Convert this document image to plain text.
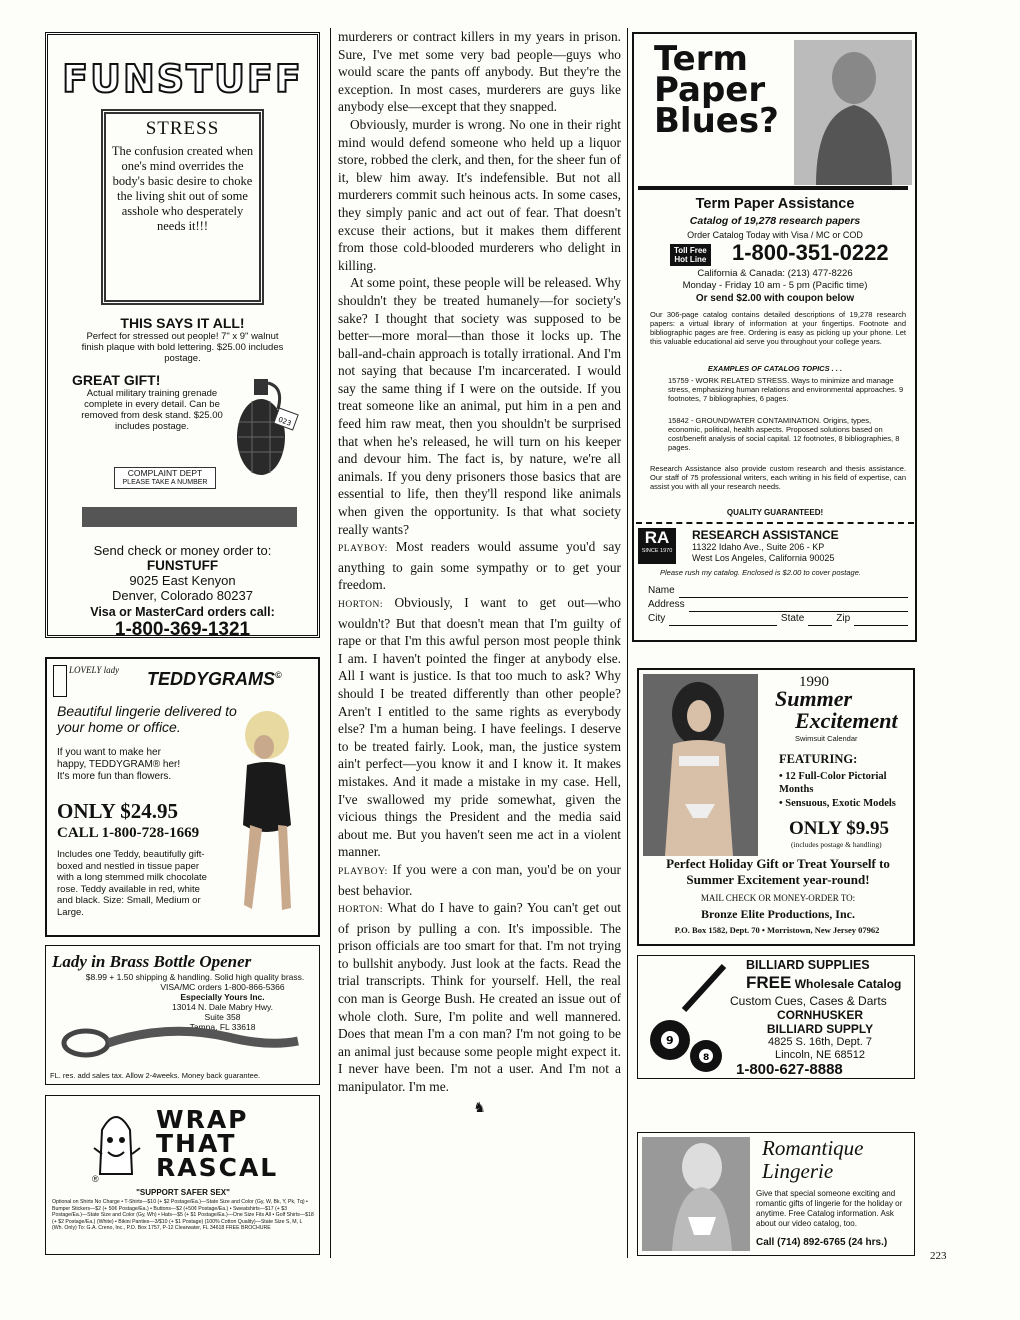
FUNSTUFF
STRESS
The confusion created when one's mind overrides the body's basic desire to choke the living shit out of some asshole who desperately needs it!!!
THIS SAYS IT ALL!
Perfect for stressed out people! 7" x 9" walnut finish plaque with bold lettering. $25.00 includes postage.
GREAT GIFT!
Actual military training grenade complete in every detail. Can be removed from desk stand. $25.00 includes postage.	023
COMPLAINT DEPT
PLEASE TAKE A NUMBER
Send check or money order to:
FUNSTUFF
9025 East Kenyon
Denver, Colorado 80237
Visa or MasterCard orders call:
1-800-369-1321
LOVELY lady TEDDYGRAMS©
Beautiful lingerie delivered to your home or office.
If you want to make her happy, TEDDYGRAM® her! It's more fun than flowers.
ONLY $24.95
CALL 1-800-728-1669
Includes one Teddy, beautifully gift-boxed and nestled in tissue paper with a long stemmed milk chocolate rose. Teddy available in red, white and black. Size: Small, Medium or Large.
Lady in Brass Bottle Opener
$8.99 + 1.50 shipping & handling. Solid high quality brass.
VISA/MC orders 1-800-866-5366
Especially Yours Inc.
13014 N. Dale Mabry Hwy.
Suite 358
Tampa, FL 33618
FL. res. add sales tax. Allow 2-4weeks. Money back guarantee.
WRAP
THAT
RASCAL
®
"SUPPORT SAFER SEX"
Optional on Shirts No Charge • T-Shirts—$10 (+ $2 Postage/Ea.)—State Size and Color (Gy, W, Bk, Y, Pk, Tq) • Bumper Stickers—$2 (+ 50¢ Postage/Ea.) • Buttons—$2 (+50¢ Postage/Ea.) • Sweatshirts—$17 (+ $3 Postage/Ea.)—State Size and Color (Gy, Wh) • Hats—$5 (+ $1 Postage/Ea.)—One Size Fits All • Golf Shirts—$18 (+ $2 Postage/Ea.) (White) • Bikini Panties—3/$10 (+ $1 Postage) (100% Cotton Quality)—State Size S, M, L (Wh. Only) To: G.A. Creno, Inc., P.O. Box 1757, P-12 Clearwater, FL 34618 FREE BROCHURE

murderers or contract killers in my years in prison. Sure, I've met some very bad people—guys who would scare the pants off anybody. But they're the exception. In most cases, murderers are guys like anybody else—except that they snapped.

Obviously, murder is wrong. No one in their right mind would defend someone who held up a liquor store, robbed the clerk, and then, for the sheer fun of it, blew him away. It's indefensible. But not all murderers commit such heinous acts. In some cases, they simply panic and act out of fear. That doesn't excuse their actions, but it makes them different from those cold-blooded murderers who delight in killing.

At some point, these people will be released. Why shouldn't they be treated humanely—for society's sake? I thought that society was supposed to be better—more moral—than those it locks up. The ball-and-chain approach is totally irrational. And I'm not saying that because I'm incarcerated. I would say the same thing if I were on the outside. If you treat someone like an animal, put him in a pen and feed him raw meat, then you shouldn't be surprised that when he's released, he will turn on his keeper and devour him. The fact is, by nature, we're all animals. If you deny prisoners those basics that are essential to life, then they'll respond like animals when given the opportunity. Is that what society really wants?

PLAYBOY: Most readers would assume you'd say anything to gain some sympathy or to get your freedom.

HORTON: Obviously, I want to get out—who wouldn't? But that doesn't mean that I'm guilty of rape or that I'm this awful person most people think I am. I haven't pointed the finger at anybody else. All I want is justice. Is that too much to ask? Why should I be treated differently than other people? Aren't I entitled to the same rights as everybody else? I'm a human being. I have feelings. I deserve to be treated fairly. Look, man, the justice system ain't perfect—you know it and I know it. It makes mistakes. And it made a mistake in my case. Hell, I've swallowed my pride somewhat, given the vicious things the President and the media said about me. But you haven't seen me act in a violent manner.

PLAYBOY: If you were a con man, you'd be on your best behavior.

HORTON: What do I have to gain? You can't get out of prison by pulling a con. It's impossible. The prison officials are too smart for that. I'm not trying to bullshit anybody. Just look at the facts. Read the trial transcripts. Think for yourself. Hell, the real con man is George Bush. He created an issue out of whole cloth. Sure, I'm polite and well mannered. Does that mean I'm a con man? I'm not going to be an animal just because some people might expect it. I never have been. I'm not a user. And I'm not a manipulator. I'm me.

♞
Term
Paper
Blues?
Term Paper Assistance
Catalog of 19,278 research papers
Order Catalog Today with Visa / MC or COD
Toll Free
Hot Line 1-800-351-0222
California & Canada: (213) 477-8226
Monday - Friday 10 am - 5 pm (Pacific time)
Or send $2.00 with coupon below
Our 306-page catalog contains detailed descriptions of 19,278 research papers: a virtual library of information at your fingertips. Footnote and bibliographic pages are free. Ordering is easy as picking up your phone. Let this valuable educational aid serve you throughout your college years.
EXAMPLES OF CATALOG TOPICS . . .
15759 - WORK RELATED STRESS. Ways to minimize and manage stress, emphasizing human relations and environmental approaches. 9 footnotes, 7 bibliographies, 6 pages.
15842 - GROUNDWATER CONTAMINATION. Origins, types, economic, political, health aspects. Proposed solutions based on cost/benefit analysis of social capital. 12 footnotes, 8 bibliographies, 8 pages.
Research Assistance also provide custom research and thesis assistance. Our staff of 75 professional writers, each writing in his field of expertise, can assist you with all your research needs.
QUALITY GUARANTEED!
RA
SINCE 1970
RESEARCH ASSISTANCE
11322 Idaho Ave., Suite 206 - KP
West Los Angeles, California 90025
Please rush my catalog. Enclosed is $2.00 to cover postage.
Name
Address
City	State	Zip
1990
Summer
Excitement
Swimsuit Calendar
FEATURING:
• 12 Full-Color Pictorial Months
• Sensuous, Exotic Models
ONLY $9.95
(includes postage & handling)
Perfect Holiday Gift or Treat Yourself to Summer Excitement year-round!
MAIL CHECK OR MONEY-ORDER TO:
Bronze Elite Productions, Inc.
P.O. Box 1582, Dept. 70 • Morristown, New Jersey 07962
9
8
BILLIARD SUPPLIES
FREE Wholesale Catalog
Custom Cues, Cases & Darts
CORNHUSKER
BILLIARD SUPPLY
4825 S. 16th, Dept. 7
Lincoln, NE 68512
1-800-627-8888
Romantique
Lingerie
Give that special someone exciting and romantic gifts of lingerie for the holiday or anytime. Free Catalog information. Ask about our video catalog, too.
Call (714) 892-6765 (24 hrs.)
223
